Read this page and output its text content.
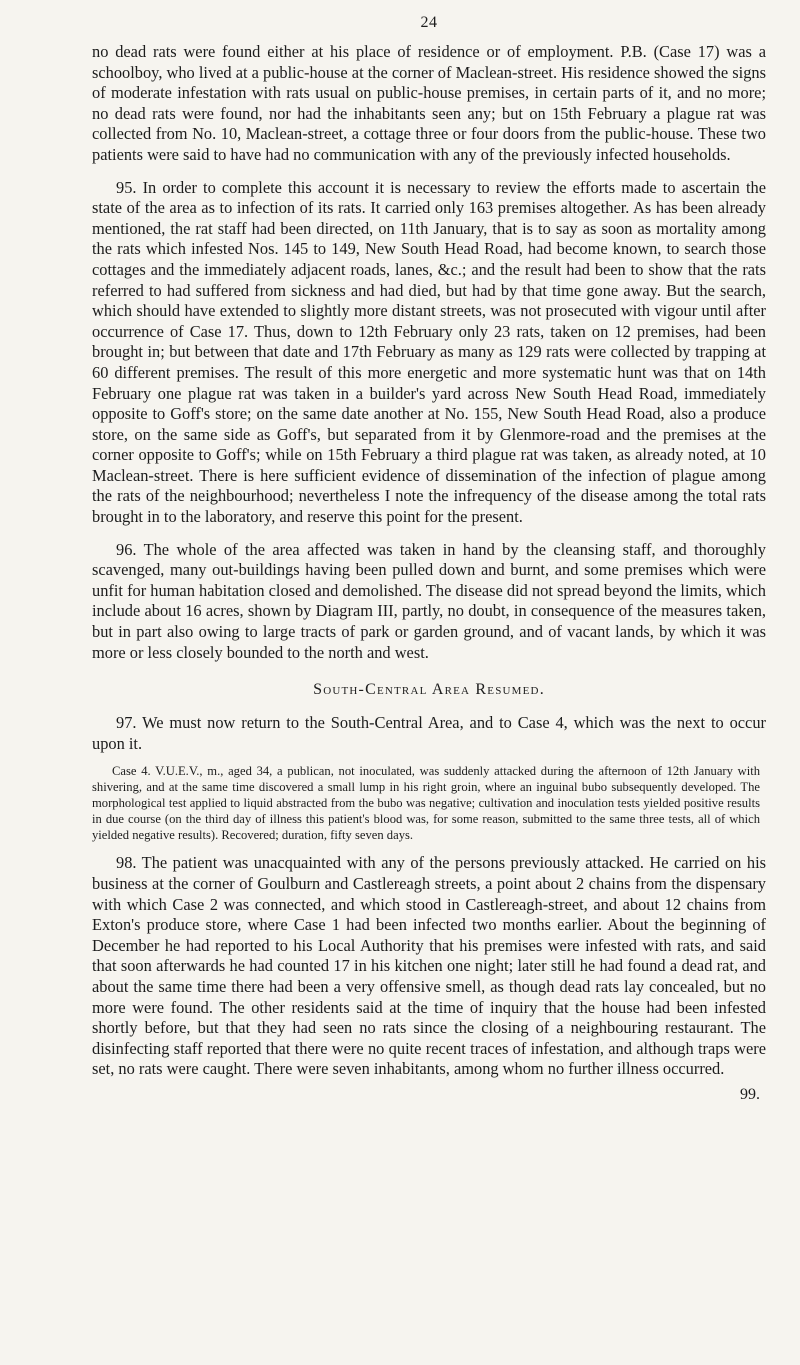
24

no dead rats were found either at his place of residence or of employment. P.B. (Case 17) was a schoolboy, who lived at a public-house at the corner of Maclean-street. His residence showed the signs of moderate infestation with rats usual on public-house premises, in certain parts of it, and no more; no dead rats were found, nor had the inhabitants seen any; but on 15th February a plague rat was collected from No. 10, Maclean-street, a cottage three or four doors from the public-house. These two patients were said to have had no communication with any of the previously infected households.

95. In order to complete this account it is necessary to review the efforts made to ascertain the state of the area as to infection of its rats. It carried only 163 premises altogether. As has been already mentioned, the rat staff had been directed, on 11th January, that is to say as soon as mortality among the rats which infested Nos. 145 to 149, New South Head Road, had become known, to search those cottages and the immediately adjacent roads, lanes, &c.; and the result had been to show that the rats referred to had suffered from sickness and had died, but had by that time gone away. But the search, which should have extended to slightly more distant streets, was not prosecuted with vigour until after occurrence of Case 17. Thus, down to 12th February only 23 rats, taken on 12 premises, had been brought in; but between that date and 17th February as many as 129 rats were collected by trapping at 60 different premises. The result of this more energetic and more systematic hunt was that on 14th February one plague rat was taken in a builder's yard across New South Head Road, immediately opposite to Goff's store; on the same date another at No. 155, New South Head Road, also a produce store, on the same side as Goff's, but separated from it by Glenmore-road and the premises at the corner opposite to Goff's; while on 15th February a third plague rat was taken, as already noted, at 10 Maclean-street. There is here sufficient evidence of dissemination of the infection of plague among the rats of the neighbourhood; nevertheless I note the infrequency of the disease among the total rats brought in to the laboratory, and reserve this point for the present.

96. The whole of the area affected was taken in hand by the cleansing staff, and thoroughly scavenged, many out-buildings having been pulled down and burnt, and some premises which were unfit for human habitation closed and demolished. The disease did not spread beyond the limits, which include about 16 acres, shown by Diagram III, partly, no doubt, in consequence of the measures taken, but in part also owing to large tracts of park or garden ground, and of vacant lands, by which it was more or less closely bounded to the north and west.

South-Central Area Resumed.

97. We must now return to the South-Central Area, and to Case 4, which was the next to occur upon it.

Case 4. V.U.E.V., m., aged 34, a publican, not inoculated, was suddenly attacked during the afternoon of 12th January with shivering, and at the same time discovered a small lump in his right groin, where an inguinal bubo subsequently developed. The morphological test applied to liquid abstracted from the bubo was negative; cultivation and inoculation tests yielded positive results in due course (on the third day of illness this patient's blood was, for some reason, submitted to the same three tests, all of which yielded negative results). Recovered; duration, fifty seven days.

98. The patient was unacquainted with any of the persons previously attacked. He carried on his business at the corner of Goulburn and Castlereagh streets, a point about 2 chains from the dispensary with which Case 2 was connected, and which stood in Castlereagh-street, and about 12 chains from Exton's produce store, where Case 1 had been infected two months earlier. About the beginning of December he had reported to his Local Authority that his premises were infested with rats, and said that soon afterwards he had counted 17 in his kitchen one night; later still he had found a dead rat, and about the same time there had been a very offensive smell, as though dead rats lay concealed, but no more were found. The other residents said at the time of inquiry that the house had been infested shortly before, but that they had seen no rats since the closing of a neighbouring restaurant. The disinfecting staff reported that there were no quite recent traces of infestation, and although traps were set, no rats were caught. There were seven inhabitants, among whom no further illness occurred.

99.
